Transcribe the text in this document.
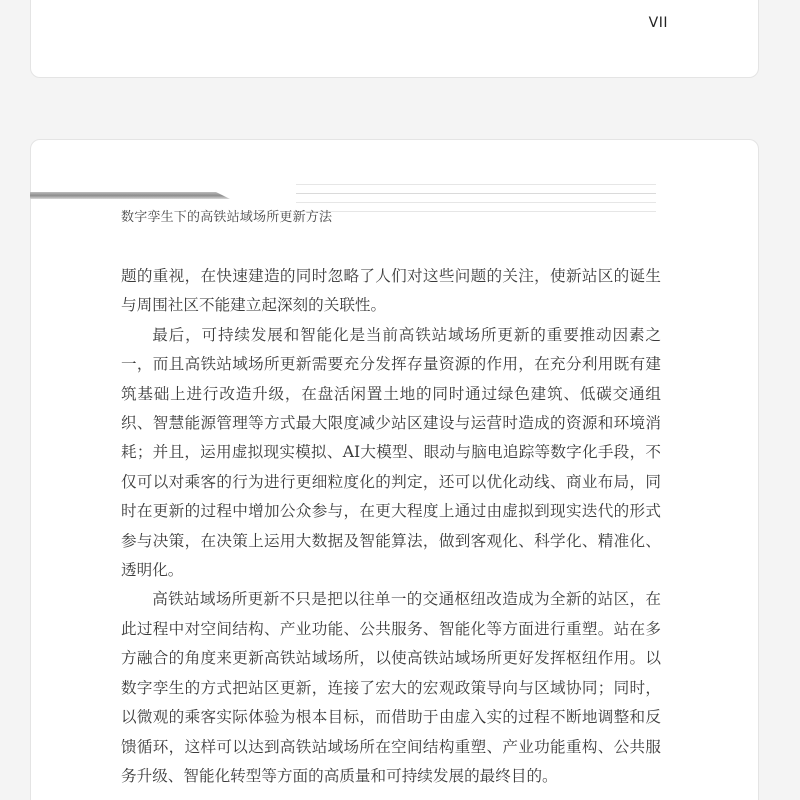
VII
数字孪生下的高铁站域场所更新方法

题的重视，在快速建造的同时忽略了人们对这些问题的关注，使新站区的诞生与周围社区不能建立起深刻的关联性。

最后，可持续发展和智能化是当前高铁站域场所更新的重要推动因素之一，而且高铁站域场所更新需要充分发挥存量资源的作用，在充分利用既有建筑基础上进行改造升级，在盘活闲置土地的同时通过绿色建筑、低碳交通组织、智慧能源管理等方式最大限度减少站区建设与运营时造成的资源和环境消耗；并且，运用虚拟现实模拟、AI大模型、眼动与脑电追踪等数字化手段，不仅可以对乘客的行为进行更细粒度化的判定，还可以优化动线、商业布局，同时在更新的过程中增加公众参与，在更大程度上通过由虚拟到现实迭代的形式参与决策，在决策上运用大数据及智能算法，做到客观化、科学化、精准化、透明化。

高铁站域场所更新不只是把以往单一的交通枢纽改造成为全新的站区，在此过程中对空间结构、产业功能、公共服务、智能化等方面进行重塑。站在多方融合的角度来更新高铁站域场所，以使高铁站域场所更好发挥枢纽作用。以数字孪生的方式把站区更新，连接了宏大的宏观政策导向与区域协同；同时，以微观的乘客实际体验为根本目标，而借助于由虚入实的过程不断地调整和反馈循环，这样可以达到高铁站域场所在空间结构重塑、产业功能重构、公共服务升级、智能化转型等方面的高质量和可持续发展的最终目的。
